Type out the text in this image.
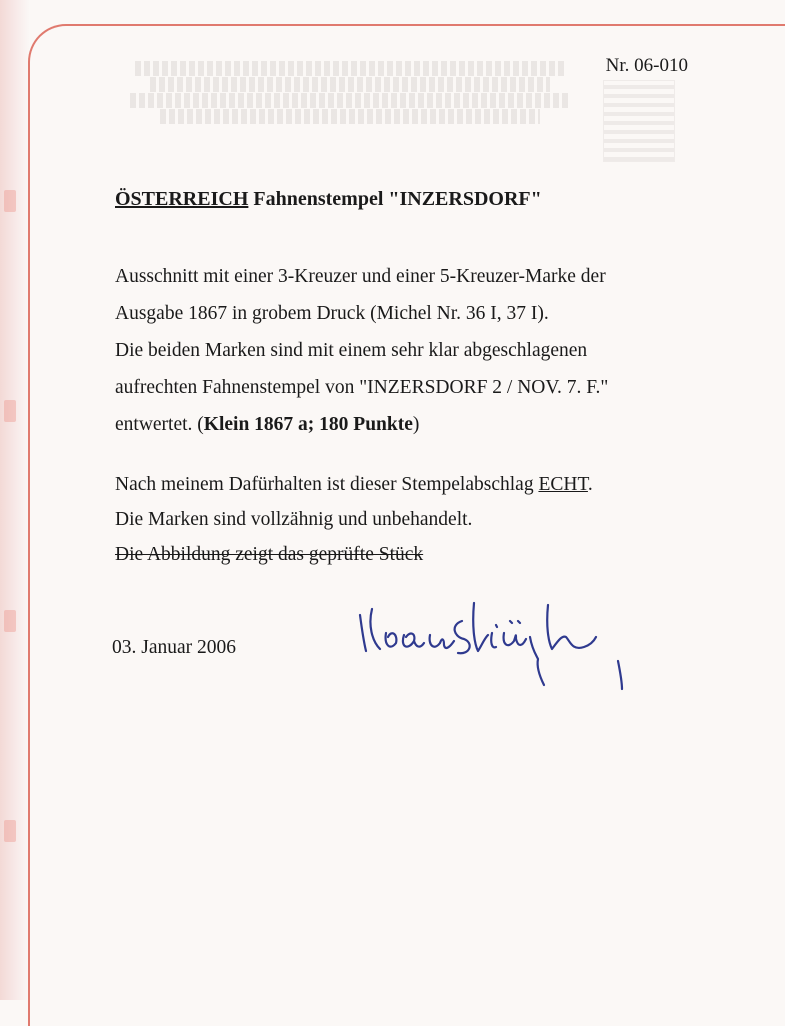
Nr. 06-010
ÖSTERREICH Fahnenstempel "INZERSDORF"
Ausschnitt mit einer 3-Kreuzer und einer 5-Kreuzer-Marke der
Ausgabe 1867 in grobem Druck (Michel Nr. 36 I, 37 I).
Die beiden Marken sind mit einem sehr klar abgeschlagenen
aufrechten Fahnenstempel von "INZERSDORF 2 / NOV. 7. F."
entwertet. (Klein 1867 a; 180 Punkte)
Nach meinem Dafürhalten ist dieser Stempelabschlag ECHT.
Die Marken sind vollzähnig und unbehandelt.
Die Abbildung zeigt das geprüfte Stück
03. Januar 2006
